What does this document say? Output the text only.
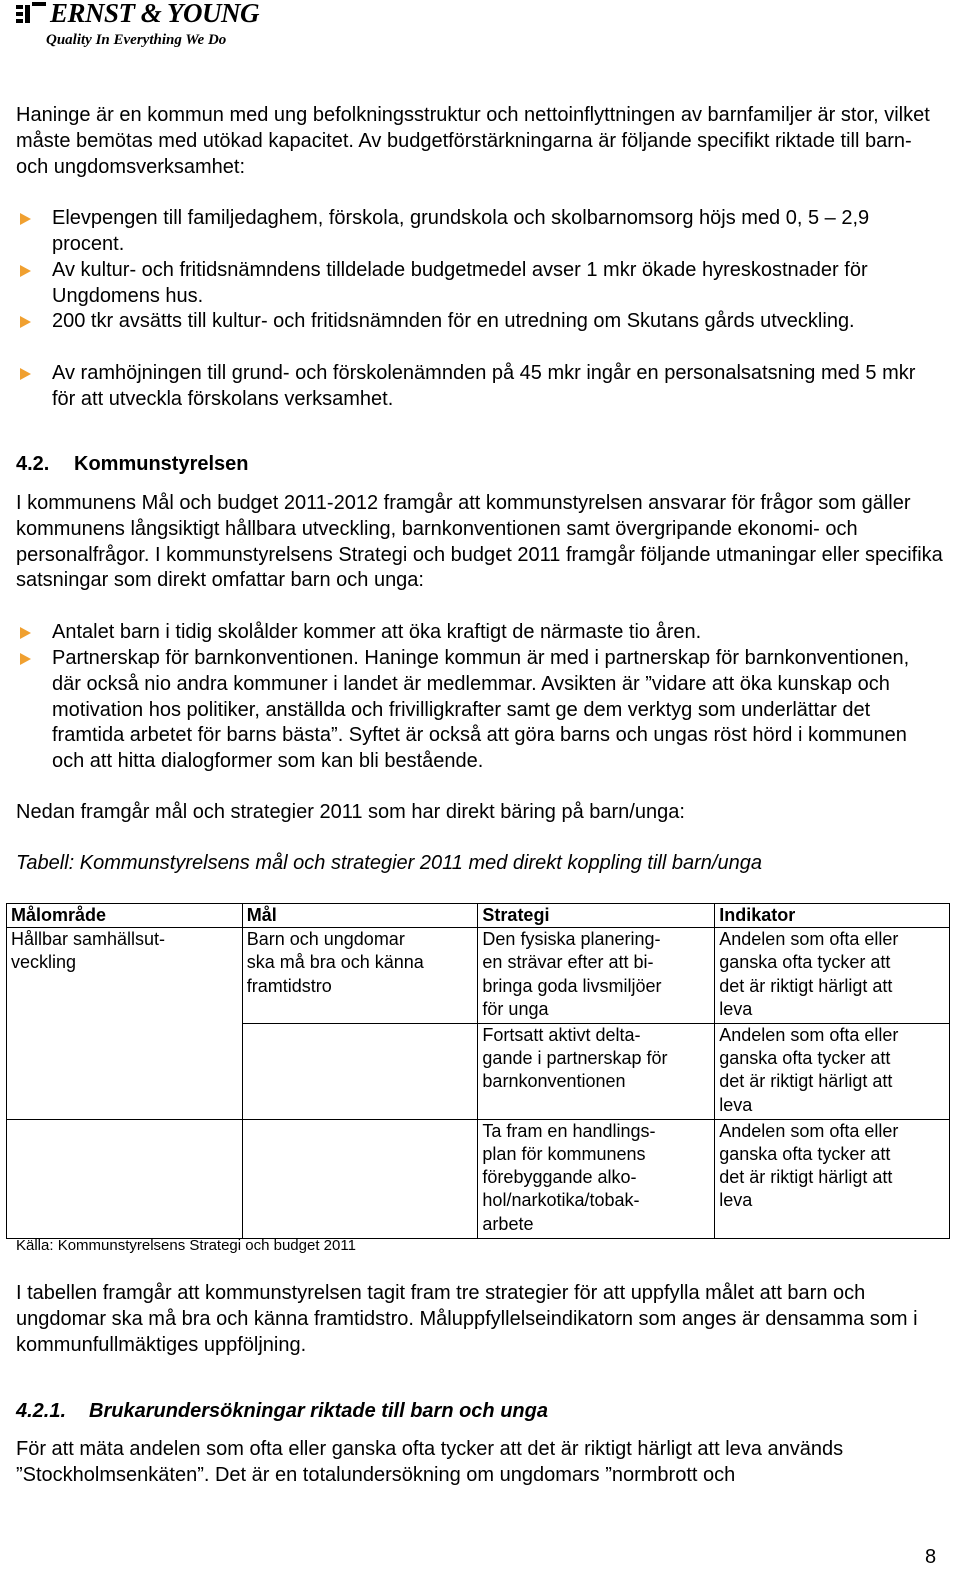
ERNST & YOUNG
Quality In Everything We Do

Haninge är en kommun med ung befolkningsstruktur och nettoinflyttningen av barnfamiljer är stor, vilket måste bemötas med utökad kapacitet. Av budgetförstärkningarna är följande specifikt riktade till barn- och ungdomsverksamhet:

Elevpengen till familjedaghem, förskola, grundskola och skolbarnomsorg höjs med 0, 5 – 2,9 procent.
Av kultur- och fritidsnämndens tilldelade budgetmedel avser 1 mkr ökade hyreskostnader för Ungdomens hus.
200 tkr avsätts till kultur- och fritidsnämnden för en utredning om Skutans gårds utveckling.
Av ramhöjningen till grund- och förskolenämnden på 45 mkr ingår en personalsatsning med 5 mkr för att utveckla förskolans verksamhet.
4.2. Kommunstyrelsen

I kommunens Mål och budget 2011-2012 framgår att kommunstyrelsen ansvarar för frågor som gäller kommunens långsiktigt hållbara utveckling, barnkonventionen samt övergripande ekonomi- och personalfrågor. I kommunstyrelsens Strategi och budget 2011 framgår följande utmaningar eller specifika satsningar som direkt omfattar barn och unga:

Antalet barn i tidig skolålder kommer att öka kraftigt de närmaste tio åren.
Partnerskap för barnkonventionen. Haninge kommun är med i partnerskap för barnkonventionen, där också nio andra kommuner i landet är medlemmar. Avsikten är ”vidare att öka kunskap och motivation hos politiker, anställda och frivilligkrafter samt ge dem verktyg som underlättar det framtida arbetet för barns bästa”. Syftet är också att göra barns och ungas röst hörd i kommunen och att hitta dialogformer som kan bli bestående.

Nedan framgår mål och strategier 2011 som har direkt bäring på barn/unga:

Tabell: Kommunstyrelsens mål och strategier 2011 med direkt koppling till barn/unga
Målområde	Mål	Strategi	Indikator
Hållbar samhällsut-
veckling	Barn och ungdomar
ska må bra och känna
framtidstro	Den fysiska planering-
en strävar efter att bi-
bringa goda livsmiljöer
för unga	Andelen som ofta eller
ganska ofta tycker att
det är riktigt härligt att
leva
		Fortsatt aktivt delta-
gande i partnerskap för
barnkonventionen	Andelen som ofta eller
ganska ofta tycker att
det är riktigt härligt att
leva
		Ta fram en handlings-
plan för kommunens
förebyggande alko-
hol/narkotika/tobak-
arbete	Andelen som ofta eller
ganska ofta tycker att
det är riktigt härligt att
leva
Källa: Kommunstyrelsens Strategi och budget 2011

I tabellen framgår att kommunstyrelsen tagit fram tre strategier för att uppfylla målet att barn och ungdomar ska må bra och känna framtidstro. Måluppfyllelseindikatorn som anges är densamma som i kommunfullmäktiges uppföljning.

4.2.1. Brukarundersökningar riktade till barn och unga

För att mäta andelen som ofta eller ganska ofta tycker att det är riktigt härligt att leva används ”Stockholmsenkäten”. Det är en totalundersökning om ungdomars ”normbrott och

8
